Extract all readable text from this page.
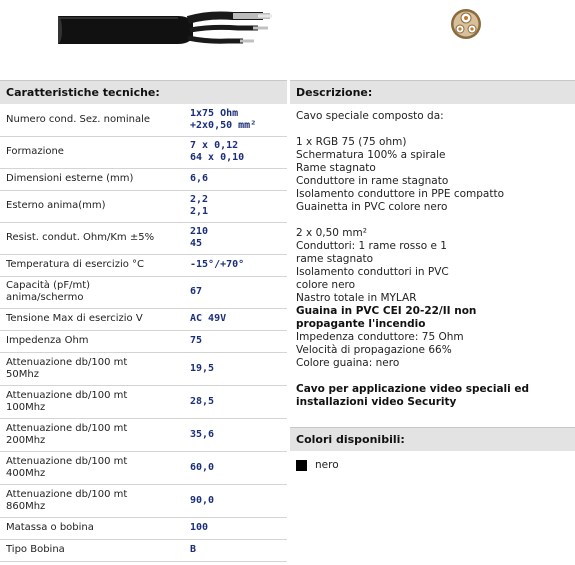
Caratteristiche tecniche:
Numero cond. Sez. nominale	1x75 Ohm
+2x0,50 mm²
Formazione	7 x 0,12
64 x 0,10
Dimensioni esterne (mm)	6,6
Esterno anima(mm)	2,2
2,1
Resist. condut. Ohm/Km ±5%	210
45
Temperatura di esercizio °C	-15°/+70°
Capacità (pF/mt)
anima/schermo	67
Tensione Max di esercizio V	AC 49V
Impedenza Ohm	75
Attenuazione db/100 mt
50Mhz	19,5
Attenuazione db/100 mt
100Mhz	28,5
Attenuazione db/100 mt
200Mhz	35,6
Attenuazione db/100 mt
400Mhz	60,0
Attenuazione db/100 mt
860Mhz	90,0
Matassa o bobina	100
Tipo Bobina	B
Descrizione:

Cavo speciale composto da:

1 x RGB 75 (75 ohm)
Schermatura 100% a spirale
Rame stagnato
Conduttore in rame stagnato
Isolamento conduttore in PPE compatto
Guainetta in PVC colore nero

2 x 0,50 mm²
Conduttori: 1 rame rosso e 1
rame stagnato
Isolamento conduttori in PVC
colore nero
Nastro totale in MYLAR

Guaina in PVC CEI 20-22/II non
propagante l'incendio

Impedenza conduttore: 75 Ohm
Velocità di propagazione 66%
Colore guaina: nero

Cavo per applicazione video speciali ed
installazioni video Security

Colori disponibili:
nero
